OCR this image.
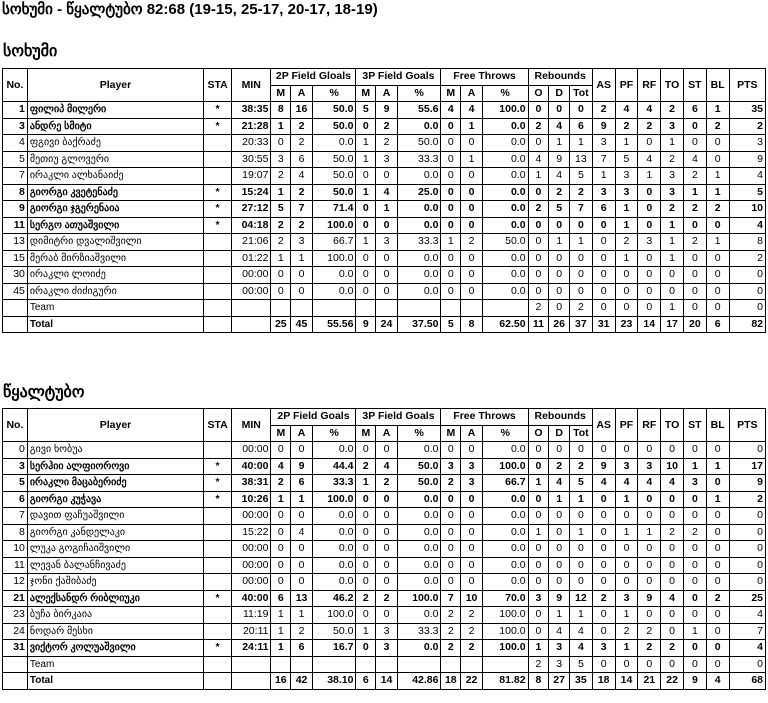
სოხუმი - წყალტუბო 82:68 (19-15, 25-17, 20-17, 18-19)
სოხუმი
No.	Player	STA	MIN	2P Field Gloals			3P Field Goals			Free Throws			Rebounds			AS	PF	RF	TO	ST	BL	PTS
				M	A	%	M	A	%	M	A	%	O	D	Tot							
1	ფილიპ მილერი	*	38:35	8	16	50.0	5	9	55.6	4	4	100.0	0	0	0	2	4	4	2	6	1	35
3	ანდრე სმიტი	*	21:28	1	2	50.0	0	2	0.0	0	1	0.0	2	4	6	9	2	2	3	0	2	2
4	ფგივი ბაქრაძე		20:33	0	2	0.0	1	2	50.0	0	0	0.0	0	1	1	3	1	0	1	0	0	3
5	მეთიუ გლოვერი		30:55	3	6	50.0	1	3	33.3	0	1	0.0	4	9	13	7	5	4	2	4	0	9
7	ირაკლი ალხანაიძე		19:07	2	4	50.0	0	0	0.0	0	0	0.0	1	4	5	1	3	1	3	2	1	4
8	გიორგი კვეტენაძე	*	15:24	1	2	50.0	1	4	25.0	0	0	0.0	0	2	2	3	3	0	3	1	1	5
9	გიორგი ჯგერენაია	*	27:12	5	7	71.4	0	1	0.0	0	0	0.0	2	5	7	6	1	0	2	2	2	10
11	სერგო ათუაშვილი	*	04:18	2	2	100.0	0	0	0.0	0	0	0.0	0	0	0	0	1	0	1	0	0	4
13	დიმიტრი დვალიშვილი		21:06	2	3	66.7	1	3	33.3	1	2	50.0	0	1	1	0	2	3	1	2	1	8
15	მერაბ მირზიაშვილი		01:22	1	1	100.0	0	0	0.0	0	0	0.0	0	0	0	0	1	0	1	0	0	2
30	ირაკლი ლოიძე		00:00	0	0	0.0	0	0	0.0	0	0	0.0	0	0	0	0	0	0	0	0	0	0
45	ირაკლი ძიძიგური		00:00	0	0	0.0	0	0	0.0	0	0	0.0	0	0	0	0	0	0	0	0	0	0
	Team												2	0	2	0	0	0	1	0	0	0
	Total			25	45	55.56	9	24	37.50	5	8	62.50	11	26	37	31	23	14	17	20	6	82
წყალტუბო
No.	Player	STA	MIN	2P Field Goals			3P Field Goals			Free Throws			Rebounds			AS	PF	RF	TO	ST	BL	PTS
				M	A	%	M	A	%	M	A	%	O	D	Tot							
0	გივი ხობუა		00:00	0	0	0.0	0	0	0.0	0	0	0.0	0	0	0	0	0	0	0	0	0	0
3	სერჰიი ალფიოროვი	*	40:00	4	9	44.4	2	4	50.0	3	3	100.0	0	2	2	9	3	3	10	1	1	17
5	ირაკლი მაცაბერიძე	*	38:31	2	6	33.3	1	2	50.0	2	3	66.7	1	4	5	4	4	4	4	3	0	9
6	გიორგი კუჭავა	*	10:26	1	1	100.0	0	0	0.0	0	0	0.0	0	1	1	0	1	0	0	0	1	2
7	დავით ფაჩუაშვილი		00:00	0	0	0.0	0	0	0.0	0	0	0.0	0	0	0	0	0	0	0	0	0	0
8	გიორგი კანდელაკი		15:22	0	4	0.0	0	0	0.0	0	0	0.0	1	0	1	0	1	1	2	2	0	0
10	ლუკა გოგიჩაიშვილი		00:00	0	0	0.0	0	0	0.0	0	0	0.0	0	0	0	0	0	0	0	0	0	0
11	ლევან ბალანჩივაძე		00:00	0	0	0.0	0	0	0.0	0	0	0.0	0	0	0	0	0	0	0	0	0	0
12	ჯონი ქაშიბაძე		00:00	0	0	0.0	0	0	0.0	0	0	0.0	0	0	0	0	0	0	0	0	0	0
21	ალექსანდრ რიბლიუკი	*	40:00	6	13	46.2	2	2	100.0	7	10	70.0	3	9	12	2	3	9	4	0	2	25
23	ბუჩა ბირკაია		11:19	1	1	100.0	0	0	0.0	2	2	100.0	0	1	1	0	1	0	0	0	0	4
24	ნოდარ მესხი		20:11	1	2	50.0	1	3	33.3	2	2	100.0	0	4	4	0	2	2	0	1	0	7
31	ვიქტორ კოლუაშვილი	*	24:11	1	6	16.7	0	3	0.0	2	2	100.0	1	3	4	3	1	2	2	0	0	4
	Team												2	3	5	0	0	0	0	0	0	0
	Total			16	42	38.10	6	14	42.86	18	22	81.82	8	27	35	18	14	21	22	9	4	68
